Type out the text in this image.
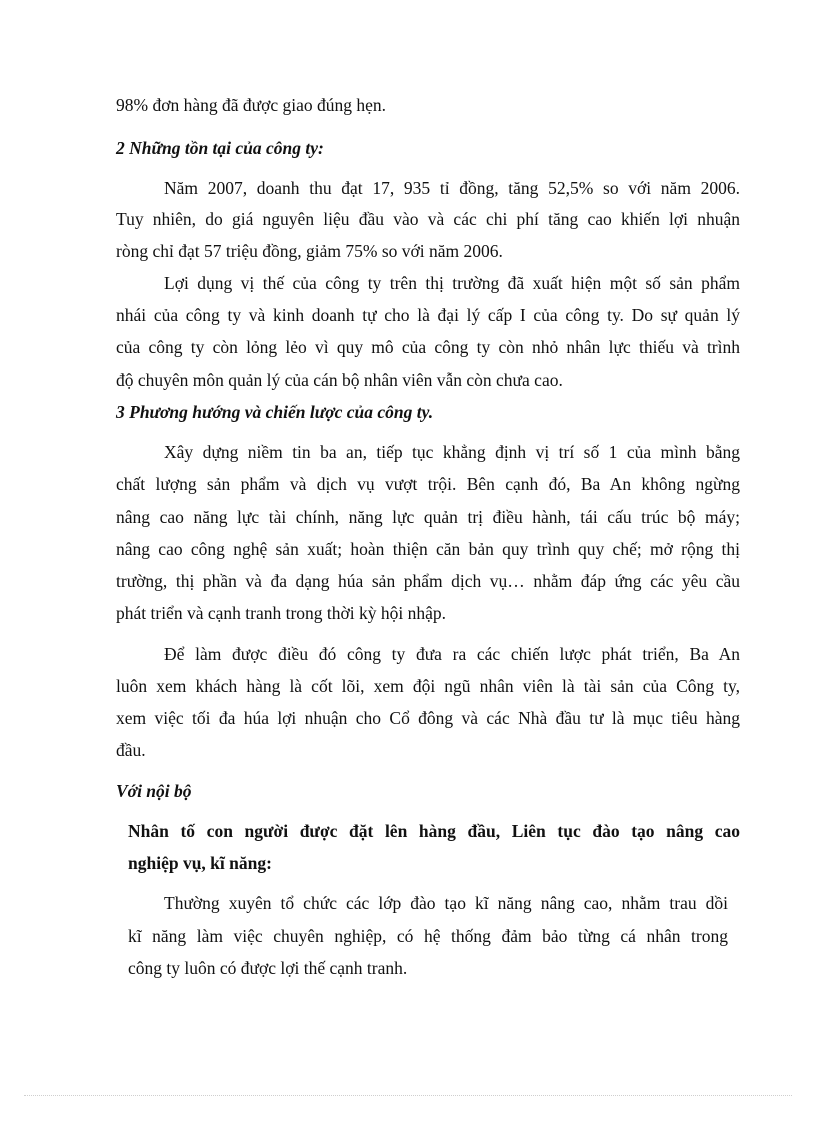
98% đơn hàng đã được giao đúng hẹn.
2 Những tồn tại của công ty:
Năm 2007, doanh thu đạt 17, 935 tỉ đồng, tăng 52,5% so với năm 2006.
Tuy nhiên, do giá nguyên liệu đầu vào và các chi phí tăng cao khiến lợi nhuận
ròng chỉ đạt 57 triệu đồng, giảm 75% so với năm 2006.
Lợi dụng vị thế của công ty trên thị trường đã xuất hiện một số sản phẩm
nhái của công ty và kinh doanh tự cho là đại lý cấp I của công ty. Do sự quản lý
của công ty còn lỏng lẻo vì quy mô của công ty còn nhỏ nhân lực thiếu và trình
độ chuyên môn quản lý của cán bộ nhân viên vẫn còn chưa cao.
3 Phương hướng và chiến lược của công ty.
Xây dựng niềm tin ba an, tiếp tục khẳng định vị trí số 1 của mình bằng
chất lượng sản phẩm và dịch vụ vượt trội. Bên cạnh đó, Ba An không ngừng
nâng cao năng lực tài chính, năng lực quản trị điều hành, tái cấu trúc bộ máy;
nâng cao công nghệ sản xuất; hoàn thiện căn bản quy trình quy chế; mở rộng thị
trường, thị phần và đa dạng húa sản phẩm dịch vụ… nhằm đáp ứng các yêu cầu
phát triển và cạnh tranh trong thời kỳ hội nhập.
Để làm được điều đó công ty đưa ra các chiến lược phát triển, Ba An
luôn xem khách hàng là cốt lõi, xem đội ngũ nhân viên là tài sản của Công ty,
xem việc tối đa húa lợi nhuận cho Cổ đông và các Nhà đầu tư là mục tiêu hàng
đầu.
Với nội bộ
Nhân tố con người được đặt lên hàng đầu, Liên tục đào tạo nâng cao
nghiệp vụ, kĩ năng:
Thường xuyên tổ chức các lớp đào tạo kĩ năng nâng cao, nhằm trau dồi
kĩ năng làm việc chuyên nghiệp, có hệ thống đảm bảo từng cá nhân trong
công ty luôn có được lợi thế cạnh tranh.
